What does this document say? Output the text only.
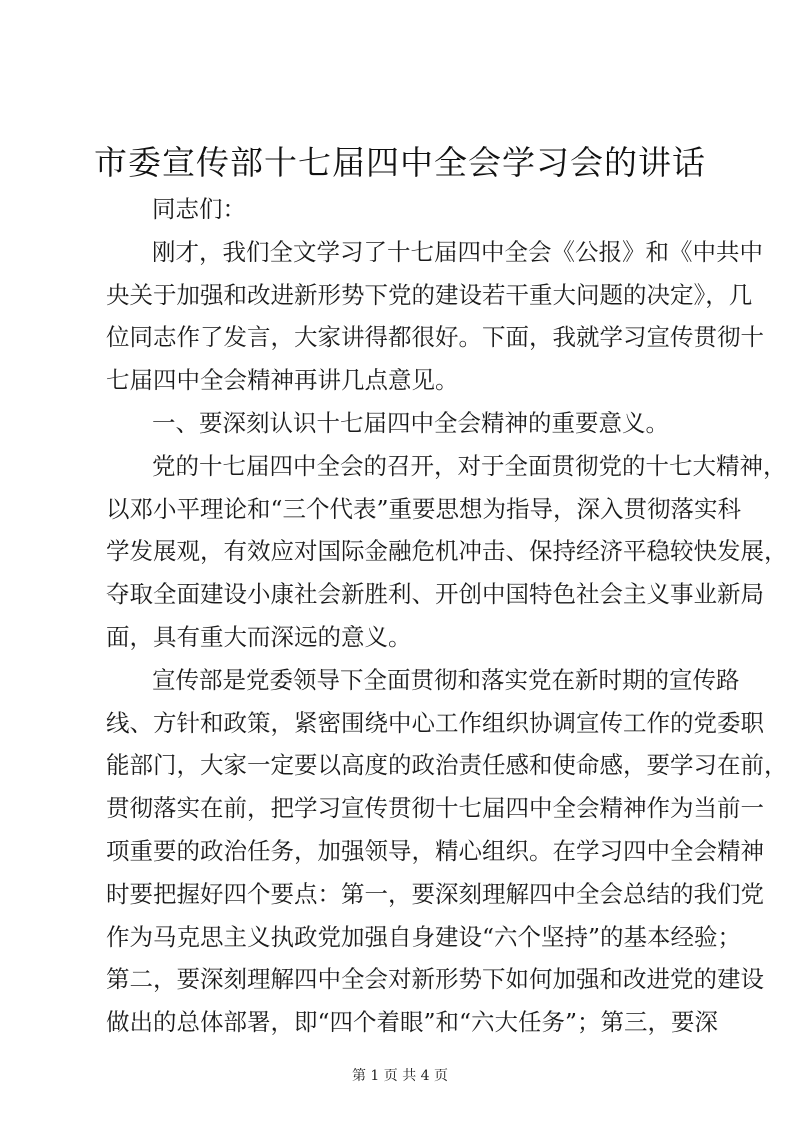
市委宣传部十七届四中全会学习会的讲话
同志们：
刚才，我们全文学习了十七届四中全会《公报》和《中共中
央关于加强和改进新形势下党的建设若干重大问题的决定》，几
位同志作了发言，大家讲得都很好。下面，我就学习宣传贯彻十
七届四中全会精神再讲几点意见。
一、要深刻认识十七届四中全会精神的重要意义。
党的十七届四中全会的召开，对于全面贯彻党的十七大精神，
以邓小平理论和“三个代表”重要思想为指导，深入贯彻落实科
学发展观，有效应对国际金融危机冲击、保持经济平稳较快发展，
夺取全面建设小康社会新胜利、开创中国特色社会主义事业新局
面，具有重大而深远的意义。
宣传部是党委领导下全面贯彻和落实党在新时期的宣传路
线、方针和政策，紧密围绕中心工作组织协调宣传工作的党委职
能部门，大家一定要以高度的政治责任感和使命感，要学习在前，
贯彻落实在前，把学习宣传贯彻十七届四中全会精神作为当前一
项重要的政治任务，加强领导，精心组织。在学习四中全会精神
时要把握好四个要点：第一，要深刻理解四中全会总结的我们党
作为马克思主义执政党加强自身建设“六个坚持”的基本经验；
第二，要深刻理解四中全会对新形势下如何加强和改进党的建设
做出的总体部署，即“四个着眼”和“六大任务”；第三，要深
第 1 页 共 4 页
